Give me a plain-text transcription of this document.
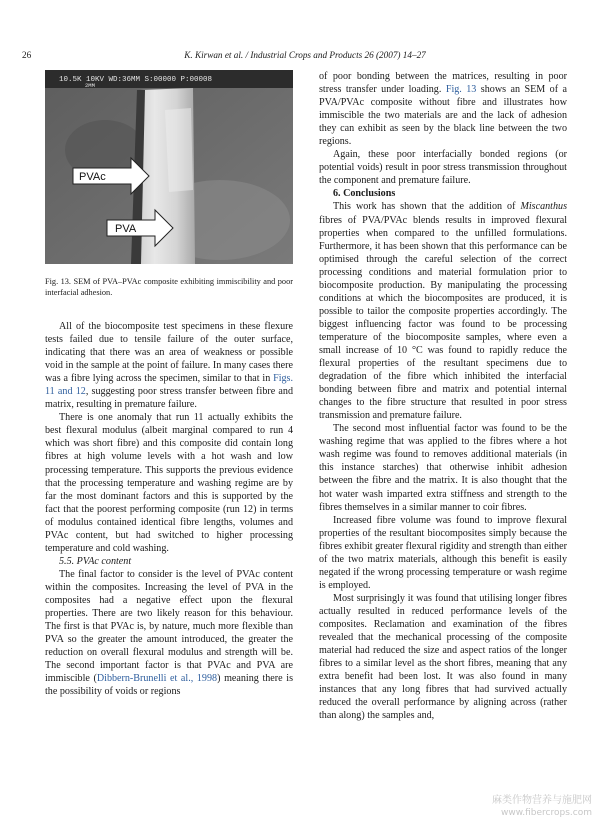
26	K. Kirwan et al. / Industrial Crops and Products 26 (2007) 14–27
10.5K 10KV WD:36MM S:00000 P:00008
2MM
PVAc
PVA
Fig. 13. SEM of PVA–PVAc composite exhibiting immiscibility and poor interfacial adhesion.

All of the biocomposite test specimens in these flexure tests failed due to tensile failure of the outer surface, indicating that there was an area of weakness or possible void in the sample at the point of failure. In many cases there was a fibre lying across the specimen, similar to that in Figs. 11 and 12, suggesting poor stress transfer between fibre and matrix, resulting in premature failure.

There is one anomaly that run 11 actually exhibits the best flexural modulus (albeit marginal compared to run 4 which was short fibre) and this composite did contain long fibres at high volume levels with a hot wash and low processing temperature. This supports the previous evidence that the processing temperature and washing regime are by far the most dominant factors and this is supported by the fact that the poorest performing composite (run 12) in terms of modulus contained identical fibre lengths, volumes and PVAc content, but had switched to higher processing temperature and cold washing.

5.5. PVAc content

The final factor to consider is the level of PVAc content within the composites. Increasing the level of PVA in the composites had a negative effect upon the flexural properties. There are two likely reason for this behaviour. The first is that PVAc is, by nature, much more flexible than PVA so the greater the amount introduced, the greater the reduction on overall flexural modulus and strength will be. The second important factor is that PVAc and PVA are immiscible (Dibbern-Brunelli et al., 1998) meaning there is the possibility of voids or regions

of poor bonding between the matrices, resulting in poor stress transfer under loading. Fig. 13 shows an SEM of a PVA/PVAc composite without fibre and illustrates how immiscible the two materials are and the lack of adhesion they can exhibit as seen by the black line between the two regions.

Again, these poor interfacially bonded regions (or potential voids) result in poor stress transmission throughout the component and premature failure.

6. Conclusions

This work has shown that the addition of Miscanthus fibres of PVA/PVAc blends results in improved flexural properties when compared to the unfilled formulations. Furthermore, it has been shown that this performance can be optimised through the careful selection of the correct processing conditions and material formulation prior to biocomposite production. By manipulating the processing conditions at which the biocomposites are produced, it is possible to tailor the composite properties accordingly. The biggest influencing factor was found to be processing temperature of the biocomposite samples, where even a small increase of 10 °C was found to rapidly reduce the flexural properties of the resultant specimens due to degradation of the fibre which inhibited the interfacial bonding between fibre and matrix and potential internal changes to the fibre structure that resulted in poor stress transmission and premature failure.

The second most influential factor was found to be the washing regime that was applied to the fibres where a hot wash regime was found to removes additional materials (in this instance starches) that otherwise inhibit adhesion between the fibre and the matrix. It is also thought that the hot water wash imparted extra stiffness and strength to the fibres themselves in a similar manner to coir fibres.

Increased fibre volume was found to improve flexural properties of the resultant biocomposites simply because the fibres exhibit greater flexural rigidity and strength than either of the two matrix materials, although this benefit is easily negated if the wrong processing temperature or wash regime is employed.

Most surprisingly it was found that utilising longer fibres actually resulted in reduced performance levels of the composites. Reclamation and examination of the fibres revealed that the mechanical processing of the composite material had reduced the size and aspect ratios of the longer fibres to a similar level as the short fibres, meaning that any extra benefit had been lost. It was also found in many instances that any long fibres that had survived actually reduced the overall performance by aligning across (rather than along) the samples and,

麻类作物营养与施肥网
www.fibercrops.com
